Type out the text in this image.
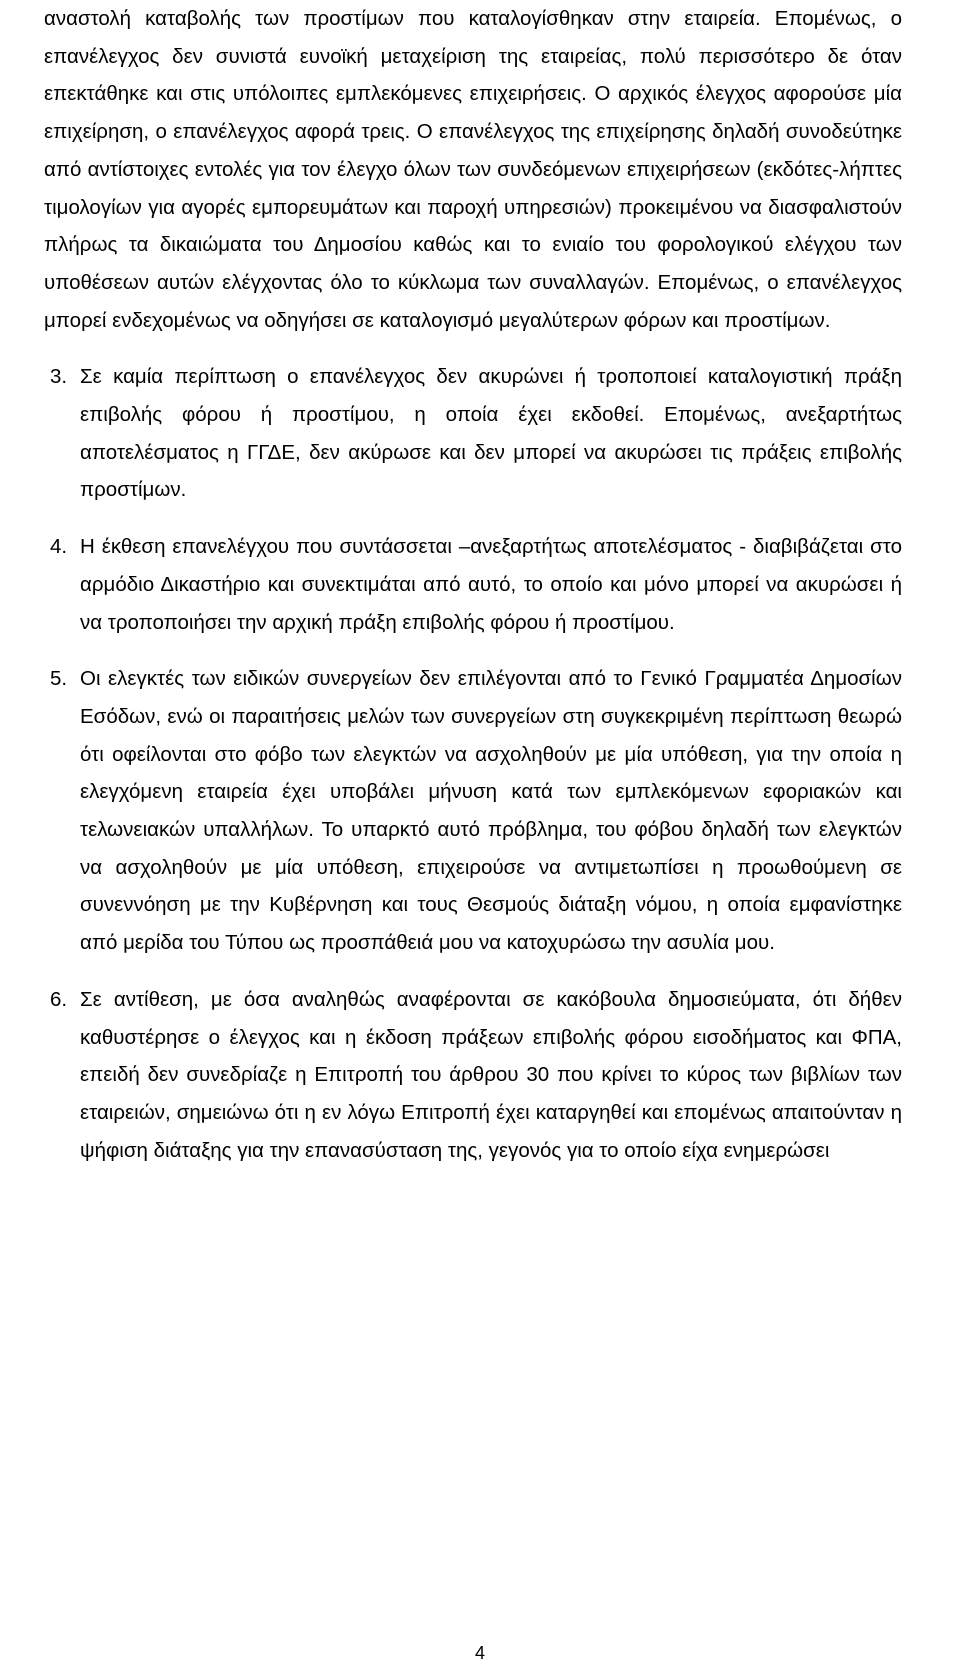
αναστολή καταβολής των προστίμων που καταλογίσθηκαν στην εταιρεία. Επομένως, ο επανέλεγχος δεν συνιστά ευνοϊκή μεταχείριση της εταιρείας, πολύ περισσότερο δε όταν επεκτάθηκε και στις υπόλοιπες εμπλεκόμενες επιχειρήσεις. Ο αρχικός έλεγχος αφορούσε μία επιχείρηση, ο επανέλεγχος αφορά τρεις. Ο επανέλεγχος της επιχείρησης δηλαδή συνοδεύτηκε από αντίστοιχες εντολές για τον έλεγχο όλων των συνδεόμενων επιχειρήσεων (εκδότες-λήπτες τιμολογίων για αγορές εμπορευμάτων και παροχή υπηρεσιών) προκειμένου να διασφαλιστούν πλήρως τα δικαιώματα του Δημοσίου καθώς και το ενιαίο του φορολογικού ελέγχου των υποθέσεων αυτών ελέγχοντας όλο το κύκλωμα των συναλλαγών. Επομένως, ο επανέλεγχος μπορεί ενδεχομένως να οδηγήσει σε καταλογισμό μεγαλύτερων φόρων και προστίμων.

3. Σε καμία περίπτωση ο επανέλεγχος δεν ακυρώνει ή τροποποιεί καταλογιστική πράξη επιβολής φόρου ή προστίμου, η οποία έχει εκδοθεί. Επομένως, ανεξαρτήτως αποτελέσματος η ΓΓΔΕ, δεν ακύρωσε και δεν μπορεί να ακυρώσει τις πράξεις επιβολής προστίμων.

4. Η έκθεση επανελέγχου που συντάσσεται –ανεξαρτήτως αποτελέσματος - διαβιβάζεται στο αρμόδιο Δικαστήριο και συνεκτιμάται από αυτό, το οποίο και μόνο μπορεί να ακυρώσει ή να τροποποιήσει την αρχική πράξη επιβολής φόρου ή προστίμου.

5. Οι ελεγκτές των ειδικών συνεργείων δεν επιλέγονται από το Γενικό Γραμματέα Δημοσίων Εσόδων, ενώ οι παραιτήσεις μελών των συνεργείων στη συγκεκριμένη περίπτωση θεωρώ ότι οφείλονται στο φόβο των ελεγκτών να ασχοληθούν με μία υπόθεση, για την οποία η ελεγχόμενη εταιρεία έχει υποβάλει μήνυση κατά των εμπλεκόμενων εφοριακών και τελωνειακών υπαλλήλων. Το υπαρκτό αυτό πρόβλημα, του φόβου δηλαδή των ελεγκτών να ασχοληθούν με μία υπόθεση, επιχειρούσε να αντιμετωπίσει η προωθούμενη σε συνεννόηση με την Κυβέρνηση και τους Θεσμούς διάταξη νόμου, η οποία εμφανίστηκε από μερίδα του Τύπου ως προσπάθειά μου να κατοχυρώσω την ασυλία μου.

6. Σε αντίθεση, με όσα αναληθώς αναφέρονται σε κακόβουλα δημοσιεύματα, ότι δήθεν καθυστέρησε ο έλεγχος και η έκδοση πράξεων επιβολής φόρου εισοδήματος και ΦΠΑ, επειδή δεν συνεδρίαζε η Επιτροπή του άρθρου 30 που κρίνει το κύρος των βιβλίων των εταιρειών, σημειώνω ότι η εν λόγω Επιτροπή έχει καταργηθεί και επομένως απαιτούνταν η ψήφιση διάταξης για την επανασύσταση της, γεγονός για το οποίο είχα ενημερώσει

4
